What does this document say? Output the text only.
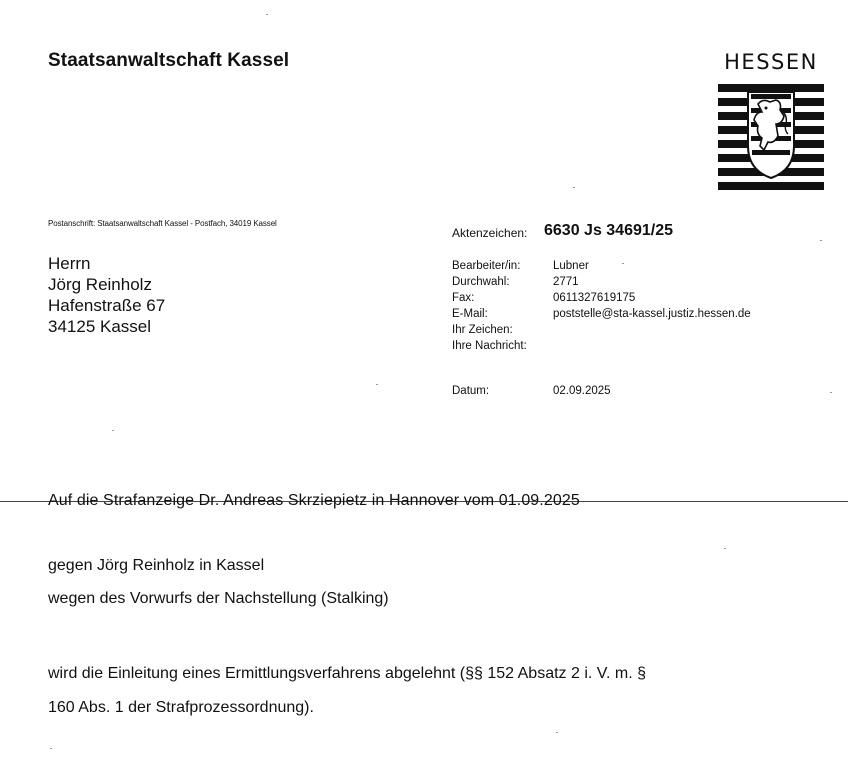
Staatsanwaltschaft Kassel	HESSEN
Postanschrift: Staatsanwaltschaft Kassel - Postfach, 34019 Kassel
Herrn
Jörg Reinholz
Hafenstraße 67
34125 Kassel
Aktenzeichen: 6630 Js 34691/25
Bearbeiter/in:	Lubner
Durchwahl:	2771
Fax:	0611327619175
E-Mail:	poststelle@sta-kassel.justiz.hessen.de
Ihr Zeichen:
Ihre Nachricht:
Datum:	02.09.2025
Auf die Strafanzeige Dr. Andreas Skrziepietz in Hannover vom 01.09.2025
gegen Jörg Reinholz in Kassel
wegen des Vorwurfs der Nachstellung (Stalking)
wird die Einleitung eines Ermittlungsverfahrens abgelehnt (§§ 152 Absatz 2 i. V. m. §
160 Abs. 1 der Strafprozessordnung).
